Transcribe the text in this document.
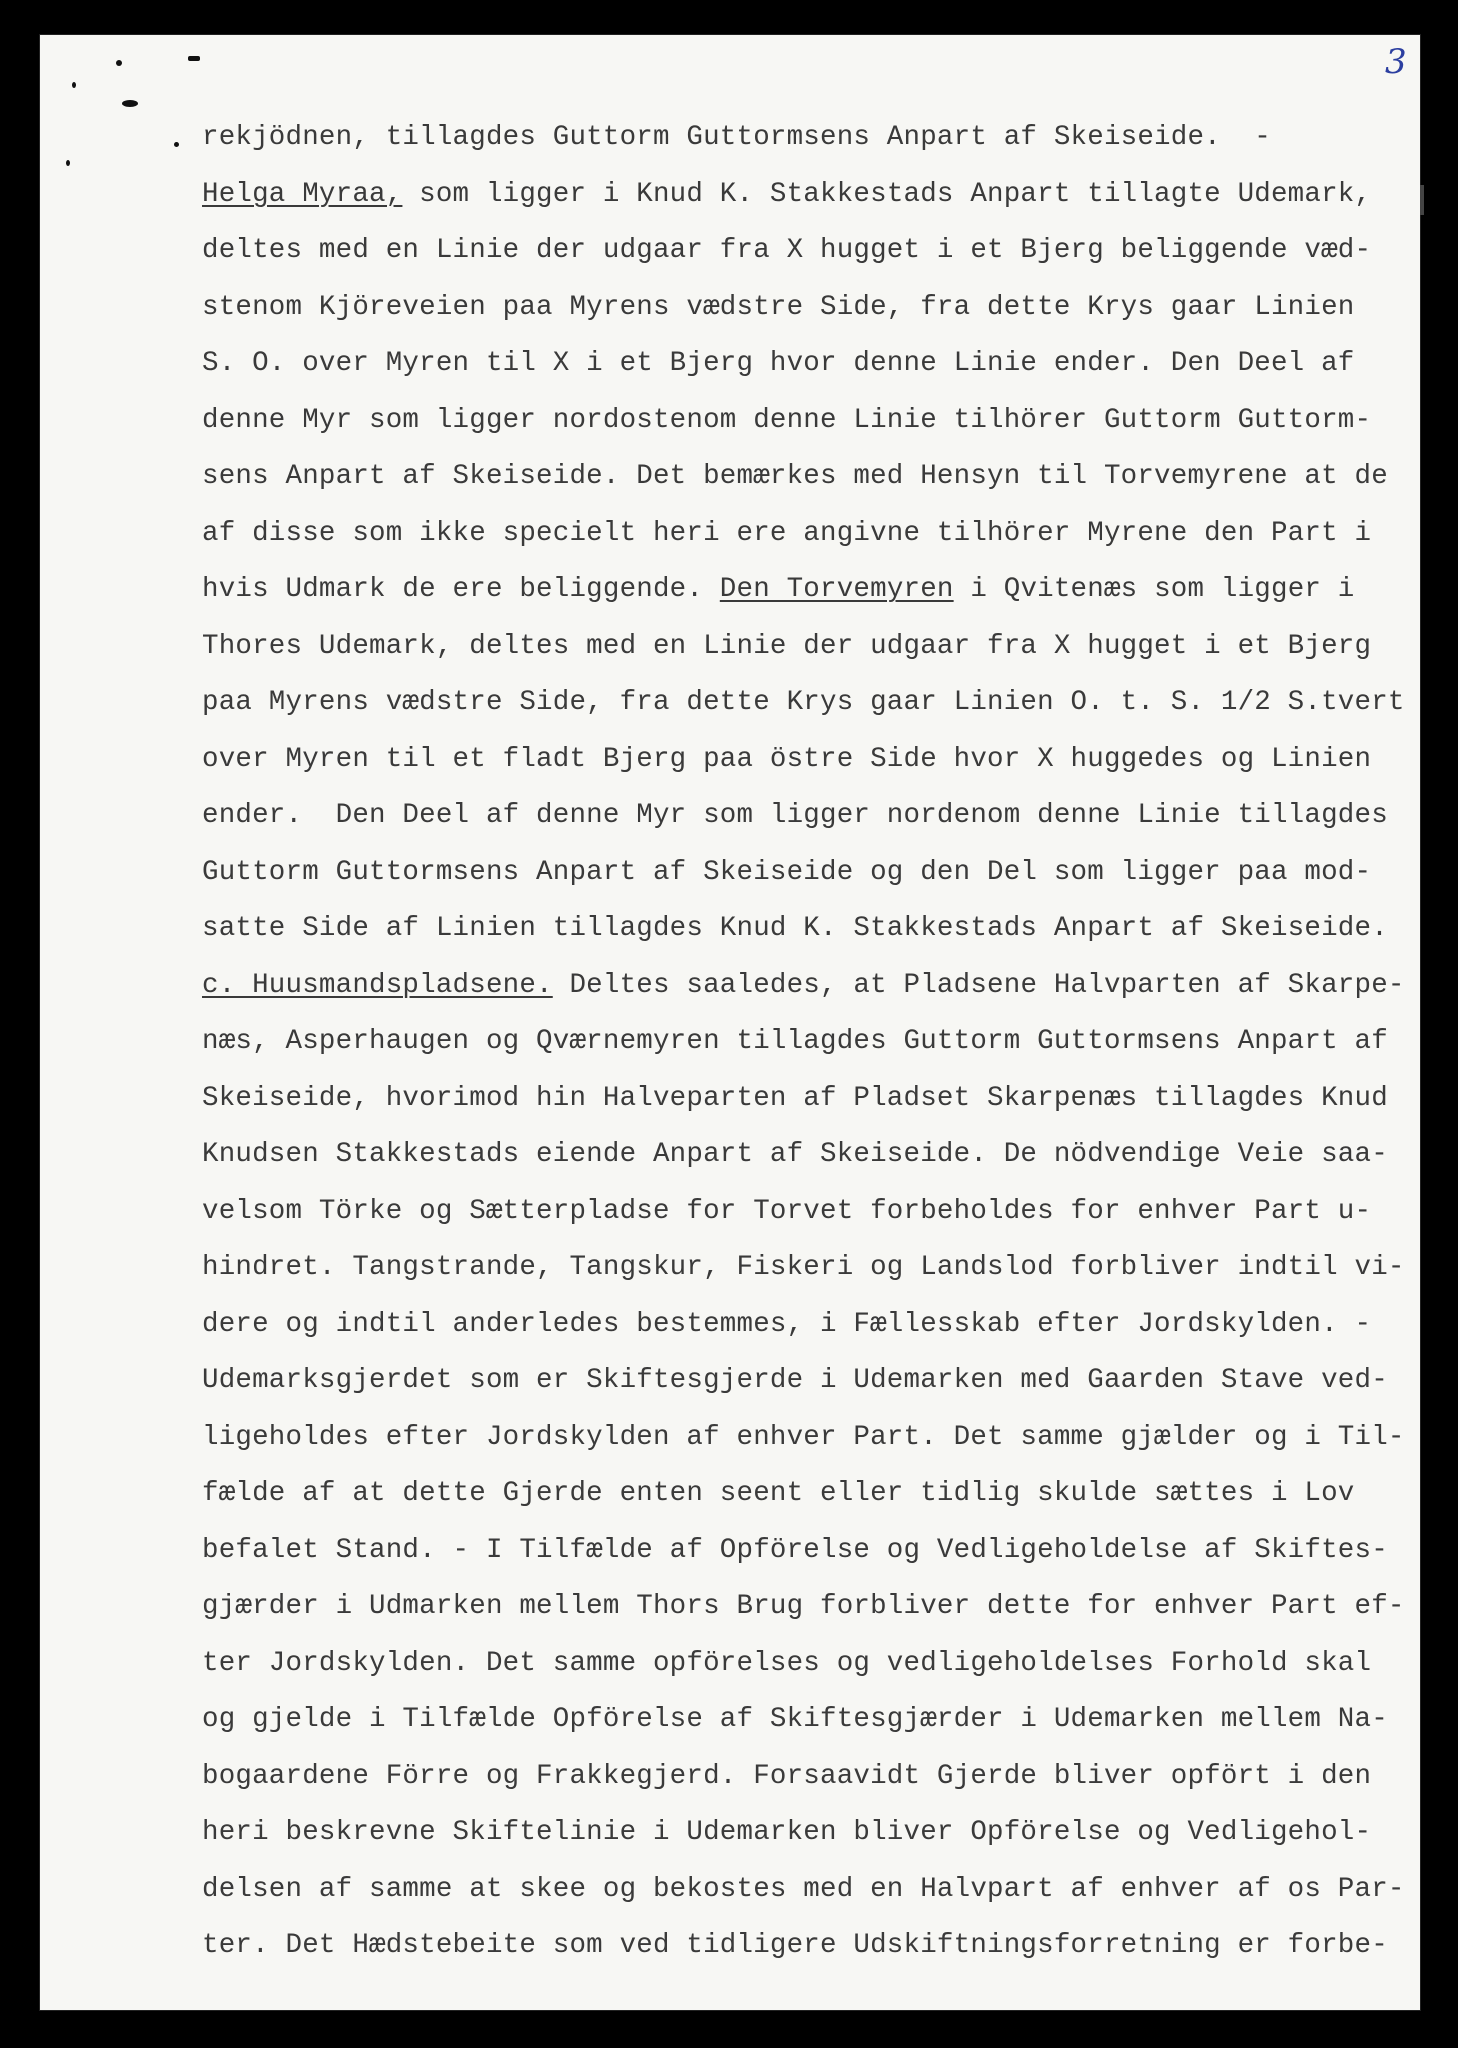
3
rekjödnen, tillagdes Guttorm Guttormsens Anpart af Skeiseide.  -
Helga Myraa, som ligger i Knud K. Stakkestads Anpart tillagte Udemark,
deltes med en Linie der udgaar fra X hugget i et Bjerg beliggende væd-
stenom Kjöreveien paa Myrens vædstre Side, fra dette Krys gaar Linien
S. O. over Myren til X i et Bjerg hvor denne Linie ender. Den Deel af
denne Myr som ligger nordostenom denne Linie tilhörer Guttorm Guttorm-
sens Anpart af Skeiseide. Det bemærkes med Hensyn til Torvemyrene at de
af disse som ikke specielt heri ere angivne tilhörer Myrene den Part i
hvis Udmark de ere beliggende. Den Torvemyren i Qvitenæs som ligger i
Thores Udemark, deltes med en Linie der udgaar fra X hugget i et Bjerg
paa Myrens vædstre Side, fra dette Krys gaar Linien O. t. S. 1/2 S.tvert
over Myren til et fladt Bjerg paa östre Side hvor X huggedes og Linien
ender.  Den Deel af denne Myr som ligger nordenom denne Linie tillagdes
Guttorm Guttormsens Anpart af Skeiseide og den Del som ligger paa mod-
satte Side af Linien tillagdes Knud K. Stakkestads Anpart af Skeiseide.
c. Huusmandspladsene. Deltes saaledes, at Pladsene Halvparten af Skarpe-
næs, Asperhaugen og Qværnemyren tillagdes Guttorm Guttormsens Anpart af
Skeiseide, hvorimod hin Halveparten af Pladset Skarpenæs tillagdes Knud
Knudsen Stakkestads eiende Anpart af Skeiseide. De nödvendige Veie saa-
velsom Törke og Sætterpladse for Torvet forbeholdes for enhver Part u-
hindret. Tangstrande, Tangskur, Fiskeri og Landslod forbliver indtil vi-
dere og indtil anderledes bestemmes, i Fællesskab efter Jordskylden. -
Udemarksgjerdet som er Skiftesgjerde i Udemarken med Gaarden Stave ved-
ligeholdes efter Jordskylden af enhver Part. Det samme gjælder og i Til-
fælde af at dette Gjerde enten seent eller tidlig skulde sættes i Lov
befalet Stand. - I Tilfælde af Opförelse og Vedligeholdelse af Skiftes-
gjærder i Udmarken mellem Thors Brug forbliver dette for enhver Part ef-
ter Jordskylden. Det samme opförelses og vedligeholdelses Forhold skal
og gjelde i Tilfælde Opförelse af Skiftesgjærder i Udemarken mellem Na-
bogaardene Förre og Frakkegjerd. Forsaavidt Gjerde bliver opfört i den
heri beskrevne Skiftelinie i Udemarken bliver Opförelse og Vedligehol-
delsen af samme at skee og bekostes med en Halvpart af enhver af os Par-
ter. Det Hædstebeite som ved tidligere Udskiftningsforretning er forbe-
